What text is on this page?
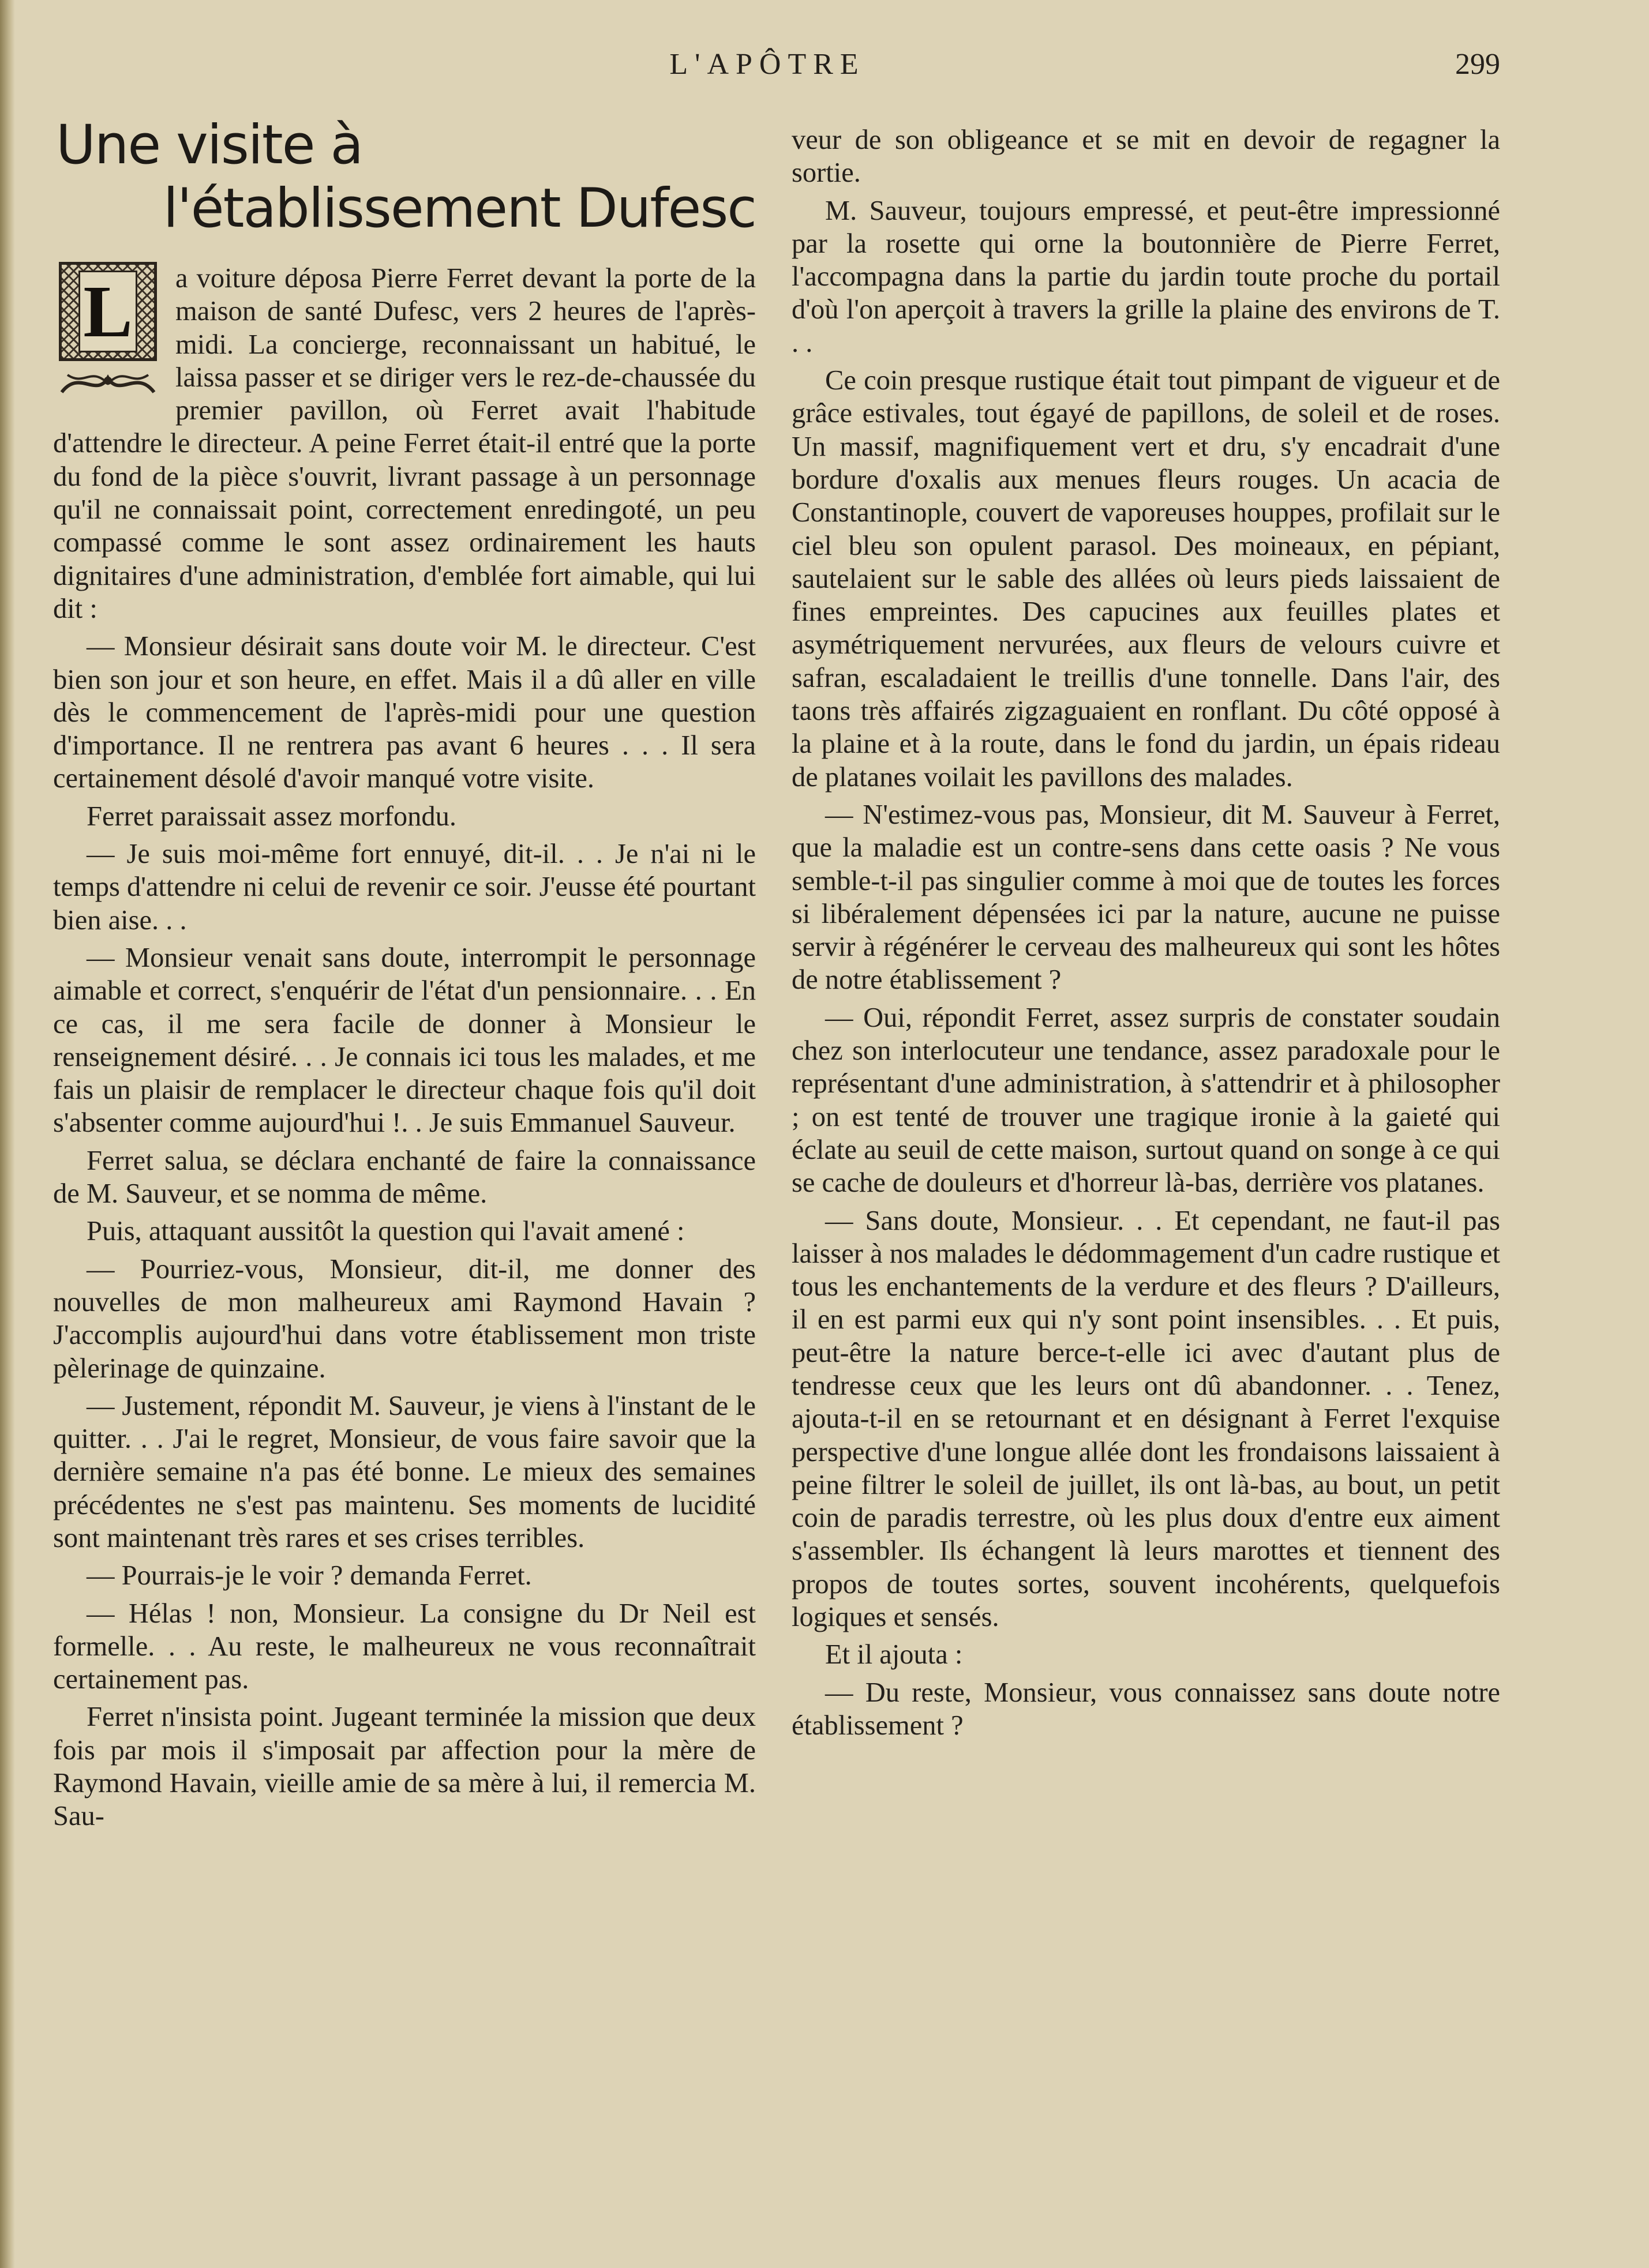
L'APÔTRE	299
Une visite à
l'établissement Dufesc
L	a voiture déposa Pierre Ferret devant la porte de la maison de santé Dufesc, vers 2 heures de l'après-midi. La concierge, reconnaissant un habitué, le laissa passer et se diriger vers le rez-de-chaussée du premier pavillon, où Ferret avait l'habitude d'attendre le directeur. A peine Ferret était-il entré que la porte du fond de la pièce s'ouvrit, livrant passage à un personnage qu'il ne connaissait point, correctement enredingoté, un peu compassé comme le sont assez ordinairement les hauts dignitaires d'une administration, d'emblée fort aimable, qui lui dit :

— Monsieur désirait sans doute voir M. le directeur. C'est bien son jour et son heure, en effet. Mais il a dû aller en ville dès le commencement de l'après-midi pour une question d'importance. Il ne rentrera pas avant 6 heures . . . Il sera certainement désolé d'avoir manqué votre visite.

Ferret paraissait assez morfondu.

— Je suis moi-même fort ennuyé, dit-il. . . Je n'ai ni le temps d'attendre ni celui de revenir ce soir. J'eusse été pourtant bien aise. . .

— Monsieur venait sans doute, interrompit le personnage aimable et correct, s'enquérir de l'état d'un pensionnaire. . . En ce cas, il me sera facile de donner à Monsieur le renseignement désiré. . . Je connais ici tous les malades, et me fais un plaisir de remplacer le directeur chaque fois qu'il doit s'absenter comme aujourd'hui !. . Je suis Emmanuel Sauveur.

Ferret salua, se déclara enchanté de faire la connaissance de M. Sauveur, et se nomma de même.

Puis, attaquant aussitôt la question qui l'avait amené :

— Pourriez-vous, Monsieur, dit-il, me donner des nouvelles de mon malheureux ami Raymond Havain ? J'accomplis aujourd'hui dans votre établissement mon triste pèlerinage de quinzaine.

— Justement, répondit M. Sauveur, je viens à l'instant de le quitter. . . J'ai le regret, Monsieur, de vous faire savoir que la dernière semaine n'a pas été bonne. Le mieux des semaines précédentes ne s'est pas maintenu. Ses moments de lucidité sont maintenant très rares et ses crises terribles.

— Pourrais-je le voir ? demanda Ferret.

— Hélas ! non, Monsieur. La consigne du Dr Neil est formelle. . . Au reste, le malheureux ne vous reconnaîtrait certainement pas.

Ferret n'insista point. Jugeant terminée la mission que deux fois par mois il s'imposait par affection pour la mère de Raymond Havain, vieille amie de sa mère à lui, il remercia M. Sau-

veur de son obligeance et se mit en devoir de regagner la sortie.

M. Sauveur, toujours empressé, et peut-être impressionné par la rosette qui orne la boutonnière de Pierre Ferret, l'accompagna dans la partie du jardin toute proche du portail d'où l'on aperçoit à travers la grille la plaine des environs de T. . .

Ce coin presque rustique était tout pimpant de vigueur et de grâce estivales, tout égayé de papillons, de soleil et de roses. Un massif, magnifiquement vert et dru, s'y encadrait d'une bordure d'oxalis aux menues fleurs rouges. Un acacia de Constantinople, couvert de vaporeuses houppes, profilait sur le ciel bleu son opulent parasol. Des moineaux, en pépiant, sautelaient sur le sable des allées où leurs pieds laissaient de fines empreintes. Des capucines aux feuilles plates et asymétriquement nervurées, aux fleurs de velours cuivre et safran, escaladaient le treillis d'une tonnelle. Dans l'air, des taons très affairés zigzaguaient en ronflant. Du côté opposé à la plaine et à la route, dans le fond du jardin, un épais rideau de platanes voilait les pavillons des malades.

— N'estimez-vous pas, Monsieur, dit M. Sauveur à Ferret, que la maladie est un contre-sens dans cette oasis ? Ne vous semble-t-il pas singulier comme à moi que de toutes les forces si libéralement dépensées ici par la nature, aucune ne puisse servir à régénérer le cerveau des malheureux qui sont les hôtes de notre établissement ?

— Oui, répondit Ferret, assez surpris de constater soudain chez son interlocuteur une tendance, assez paradoxale pour le représentant d'une administration, à s'attendrir et à philosopher ; on est tenté de trouver une tragique ironie à la gaieté qui éclate au seuil de cette maison, surtout quand on songe à ce qui se cache de douleurs et d'horreur là-bas, derrière vos platanes.

— Sans doute, Monsieur. . . Et cependant, ne faut-il pas laisser à nos malades le dédommagement d'un cadre rustique et tous les enchantements de la verdure et des fleurs ? D'ailleurs, il en est parmi eux qui n'y sont point insensibles. . . Et puis, peut-être la nature berce-t-elle ici avec d'autant plus de tendresse ceux que les leurs ont dû abandonner. . . Tenez, ajouta-t-il en se retournant et en désignant à Ferret l'exquise perspective d'une longue allée dont les frondaisons laissaient à peine filtrer le soleil de juillet, ils ont là-bas, au bout, un petit coin de paradis terrestre, où les plus doux d'entre eux aiment s'assembler. Ils échangent là leurs marottes et tiennent des propos de toutes sortes, souvent incohérents, quelquefois logiques et sensés.

Et il ajouta :

— Du reste, Monsieur, vous connaissez sans doute notre établissement ?
